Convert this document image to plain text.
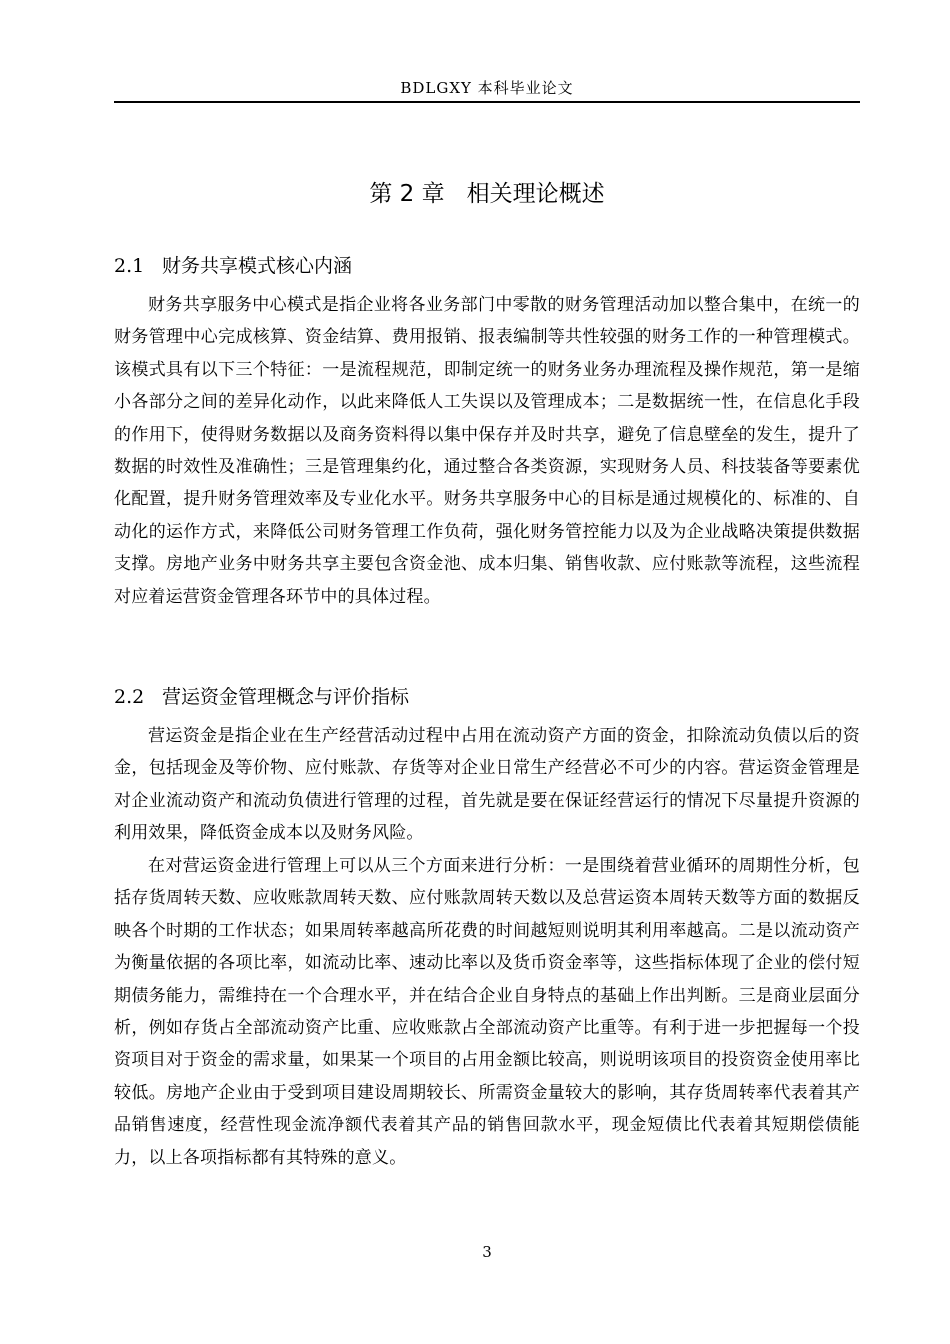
BDLGXY 本科毕业论文
第 2 章 相关理论概述
2.1 财务共享模式核心内涵

财务共享服务中心模式是指企业将各业务部门中零散的财务管理活动加以整合集中，在统一的财务管理中心完成核算、资金结算、费用报销、报表编制等共性较强的财务工作的一种管理模式。该模式具有以下三个特征：一是流程规范，即制定统一的财务业务办理流程及操作规范，第一是缩小各部分之间的差异化动作，以此来降低人工失误以及管理成本；二是数据统一性，在信息化手段的作用下，使得财务数据以及商务资料得以集中保存并及时共享，避免了信息壁垒的发生，提升了数据的时效性及准确性；三是管理集约化，通过整合各类资源，实现财务人员、科技装备等要素优化配置，提升财务管理效率及专业化水平。财务共享服务中心的目标是通过规模化的、标准的、自动化的运作方式，来降低公司财务管理工作负荷，强化财务管控能力以及为企业战略决策提供数据支撑。房地产业务中财务共享主要包含资金池、成本归集、销售收款、应付账款等流程，这些流程对应着运营资金管理各环节中的具体过程。

2.2 营运资金管理概念与评价指标

营运资金是指企业在生产经营活动过程中占用在流动资产方面的资金，扣除流动负债以后的资金，包括现金及等价物、应付账款、存货等对企业日常生产经营必不可少的内容。营运资金管理是对企业流动资产和流动负债进行管理的过程，首先就是要在保证经营运行的情况下尽量提升资源的利用效果，降低资金成本以及财务风险。

在对营运资金进行管理上可以从三个方面来进行分析：一是围绕着营业循环的周期性分析，包括存货周转天数、应收账款周转天数、应付账款周转天数以及总营运资本周转天数等方面的数据反映各个时期的工作状态；如果周转率越高所花费的时间越短则说明其利用率越高。二是以流动资产为衡量依据的各项比率，如流动比率、速动比率以及货币资金率等，这些指标体现了企业的偿付短期债务能力，需维持在一个合理水平，并在结合企业自身特点的基础上作出判断。三是商业层面分析，例如存货占全部流动资产比重、应收账款占全部流动资产比重等。有利于进一步把握每一个投资项目对于资金的需求量，如果某一个项目的占用金额比较高，则说明该项目的投资资金使用率比较低。房地产企业由于受到项目建设周期较长、所需资金量较大的影响，其存货周转率代表着其产品销售速度，经营性现金流净额代表着其产品的销售回款水平，现金短债比代表着其短期偿债能力，以上各项指标都有其特殊的意义。

3
